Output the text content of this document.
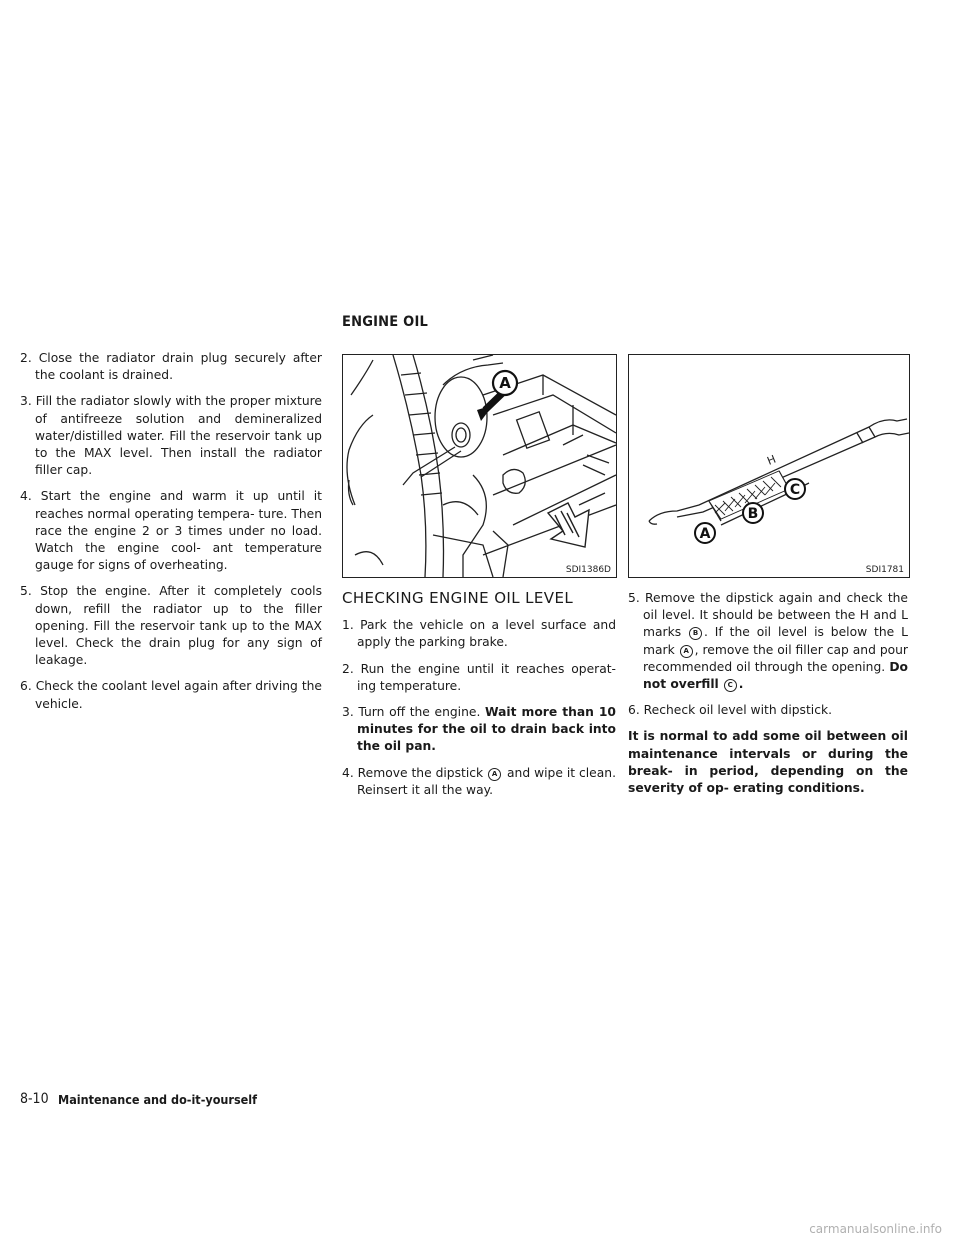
ENGINE OIL

2. Close the radiator drain plug securely after the coolant is drained.

3. Fill the radiator slowly with the proper mixture of antifreeze solution and demineralized water/distilled water. Fill the reservoir tank up to the MAX level. Then install the radiator filler cap.

4. Start the engine and warm it up until it reaches normal operating tempera- ture. Then race the engine 2 or 3 times under no load. Watch the engine cool- ant temperature gauge for signs of overheating.

5. Stop the engine. After it completely cools down, refill the radiator up to the filler opening. Fill the reservoir tank up to the MAX level. Check the drain plug for any sign of leakage.

6. Check the coolant level again after driving the vehicle.

A
SDI1386D
H
A
B
C
SDI1781
CHECKING ENGINE OIL LEVEL

1. Park the vehicle on a level surface and apply the parking brake.

2. Run the engine until it reaches operat- ing temperature.

3. Turn off the engine. Wait more than 10 minutes for the oil to drain back into the oil pan.

4. Remove the dipstick A and wipe it clean. Reinsert it all the way.

5. Remove the dipstick again and check the oil level. It should be between the H and L marks B . If the oil level is below the L mark A , remove the oil filler cap and pour recommended oil through the opening. Do not overfill C .

6. Recheck oil level with dipstick.

It is normal to add some oil between oil maintenance intervals or during the break- in period, depending on the severity of op- erating conditions.

8-10 Maintenance and do-it-yourself
carmanualsonline.info
